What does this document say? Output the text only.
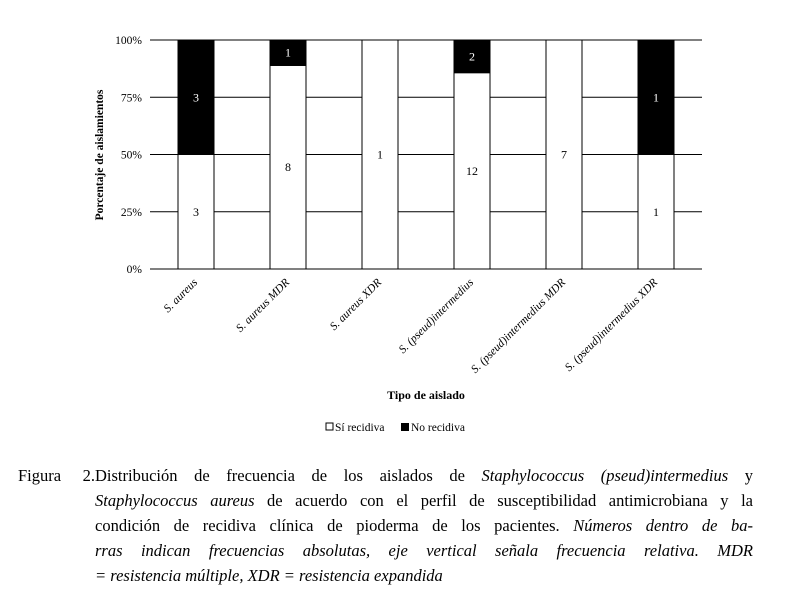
3
3
8
1
1
12
2
7
1
1
0%
25%
50%
75%
100%
S. aureus	S. aureus MDR	S. aureus XDR S. (pseud)intermedius
S. (pseud)intermedius MDR
S. (pseud)intermedius XDR
Porcentaje de aislamientos
Tipo de aislado
Sí recidiva No recidiva
Figura 2.Distribución de frecuencia de los aislados de Staphylococcus (pseud)intermedius y
Staphylococcus aureus de acuerdo con el perfil de susceptibilidad antimicrobiana y la
condición de recidiva clínica de pioderma de los pacientes. Números dentro de ba-
rras indican frecuencias absolutas, eje vertical señala frecuencia relativa. MDR
= resistencia múltiple, XDR = resistencia expandida
